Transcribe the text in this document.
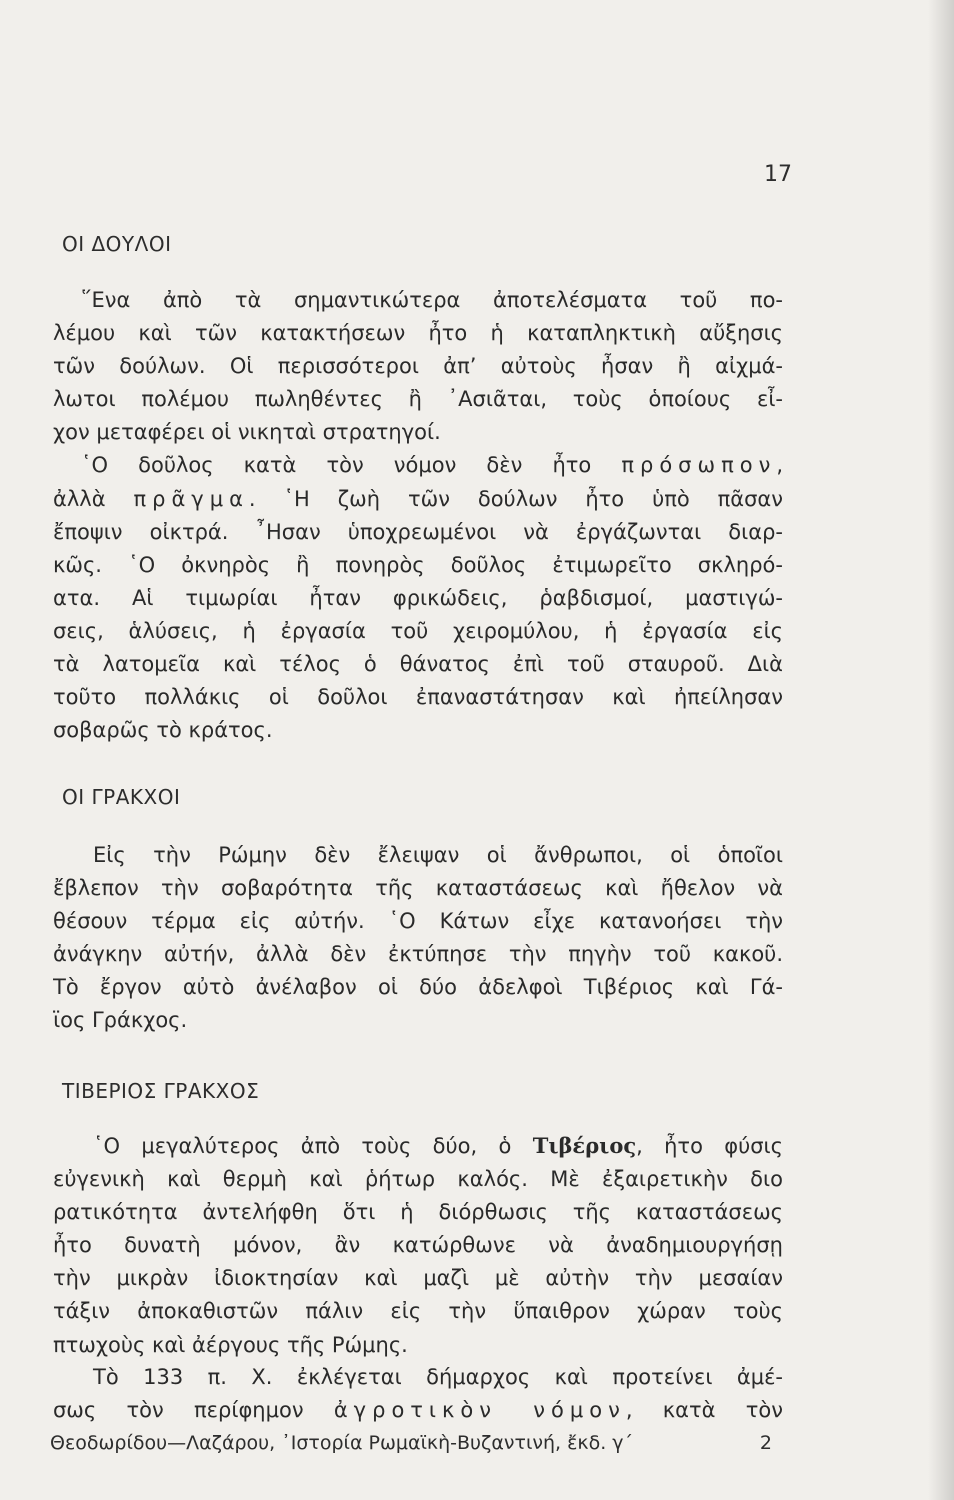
17
ΟΙ ΔΟΥΛΟΙ
῞Ενα ἀπὸ τὰ σημαντικώτερα ἀποτελέσματα τοῦ πο-
λέμου καὶ τῶν κατακτήσεων ἦτο ἡ καταπληκτικὴ αὔξησις
τῶν δούλων. Οἱ περισσότεροι ἀπ’ αὐτοὺς ἦσαν ἢ αἰχμά-
λωτοι πολέμου πωληθέντες ἢ ᾽Ασιᾶται, τοὺς ὁποίους εἶ-
χον μεταφέρει οἱ νικηταὶ στρατηγοί.
῾Ο δοῦλος κατὰ τὸν νόμον δὲν ἦτο πρόσωπον,
ἀλλὰ πρᾶγμα. ῾Η ζωὴ τῶν δούλων ἦτο ὑπὸ πᾶσαν
ἔποψιν οἰκτρά. ῏Ησαν ὑποχρεωμένοι νὰ ἐργάζωνται διαρ-
κῶς. ῾Ο ὀκνηρὸς ἢ πονηρὸς δοῦλος ἐτιμωρεῖτο σκληρό-
ατα. Αἱ τιμωρίαι ἦταν φρικώδεις, ῥαβδισμοί, μαστιγώ-
σεις, ἁλύσεις, ἡ ἐργασία τοῦ χειρομύλου, ἡ ἐργασία εἰς
τὰ λατομεῖα καὶ τέλος ὁ θάνατος ἐπὶ τοῦ σταυροῦ. Διὰ
τοῦτο πολλάκις οἱ δοῦλοι ἐπαναστάτησαν καὶ ἠπείλησαν
σοβαρῶς τὸ κράτος.
ΟΙ ΓΡΑΚΧΟΙ
Εἰς τὴν Ρώμην δὲν ἔλειψαν οἱ ἄνθρωποι, οἱ ὁποῖοι
ἔβλεπον τὴν σοβαρότητα τῆς καταστάσεως καὶ ἤθελον νὰ
θέσουν τέρμα εἰς αὐτήν. ῾Ο Κάτων εἶχε κατανοήσει τὴν
ἀνάγκην αὐτήν, ἀλλὰ δὲν ἐκτύπησε τὴν πηγὴν τοῦ κακοῦ.
Τὸ ἔργον αὐτὸ ἀνέλαβον οἱ δύο ἀδελφοὶ Τιβέριος καὶ Γά-
ϊος Γράκχος.
ΤΙΒΕΡΙΟΣ ΓΡΑΚΧΟΣ
῾Ο μεγαλύτερος ἀπὸ τοὺς δύο, ὁ Τιβέριος, ἦτο φύσις
εὐγενικὴ καὶ θερμὴ καὶ ῥήτωρ καλός. Μὲ ἐξαιρετικὴν διο
ρατικότητα ἀντελήφθη ὅτι ἡ διόρθωσις τῆς καταστάσεως
ἦτο δυνατὴ μόνον, ἂν κατώρθωνε νὰ ἀναδημιουργήσῃ
τὴν μικρὰν ἰδιοκτησίαν καὶ μαζὶ μὲ αὐτὴν τὴν μεσαίαν
τάξιν ἀποκαθιστῶν πάλιν εἰς τὴν ὕπαιθρον χώραν τοὺς
πτωχοὺς καὶ ἀέργους τῆς Ρώμης.
Τὸ 133 π. Χ. ἐκλέγεται δήμαρχος καὶ προτείνει ἀμέ-
σως τὸν περίφημον ἀγροτικὸν νόμον, κατὰ τὸν
Θεοδωρίδου—Λαζάρου, ᾽Ιστορία Ρωμαϊκὴ-Βυζαντινή, ἔκδ. γ΄	2
